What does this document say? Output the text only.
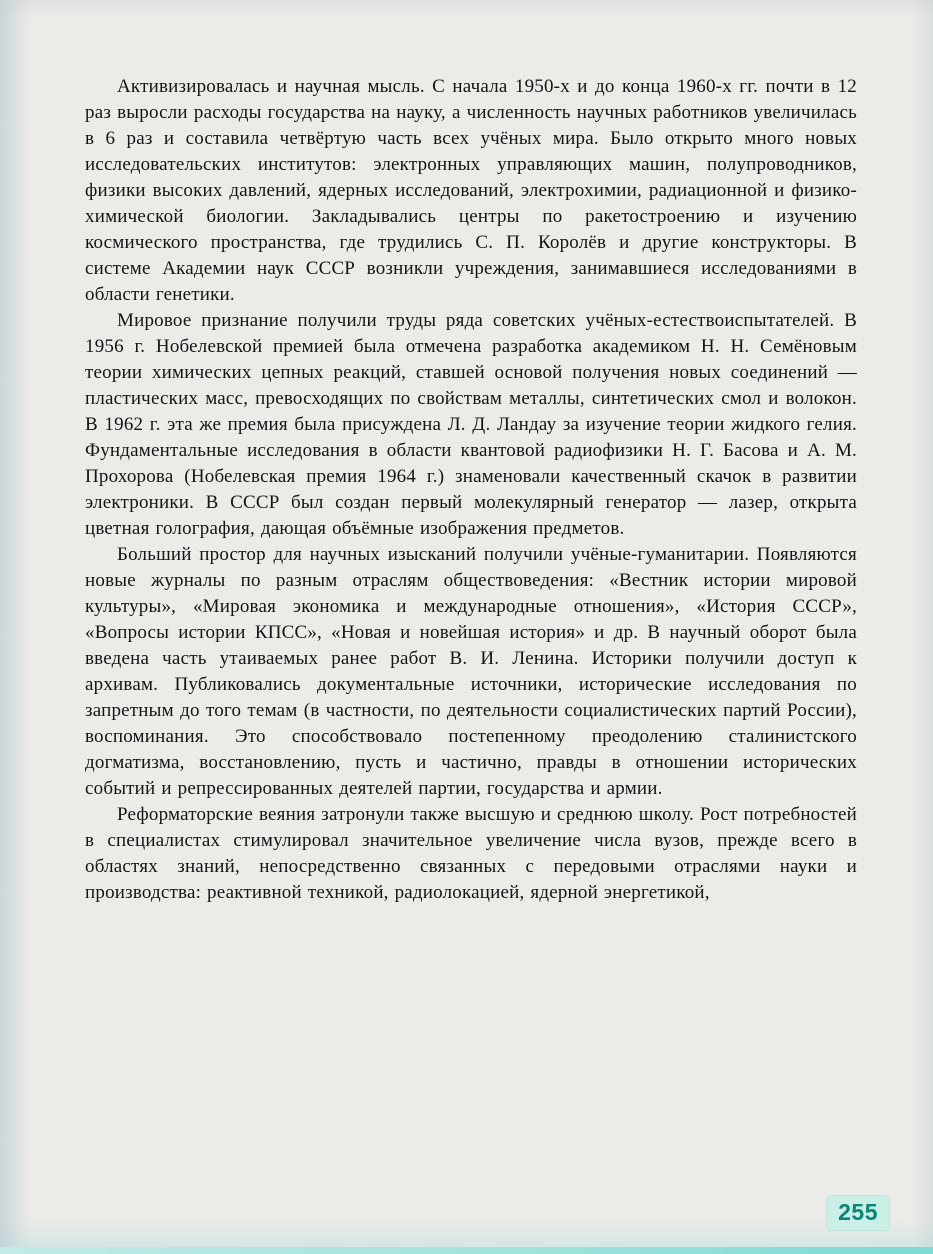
Активизировалась и научная мысль. С начала 1950-х и до конца 1960-х гг. почти в 12 раз выросли расходы государства на науку, а численность научных работников увеличилась в 6 раз и составила четвёртую часть всех учёных мира. Было открыто много новых исследовательских институтов: электронных управляющих машин, полупроводников, физики высоких давлений, ядерных исследований, электрохимии, радиационной и физико-химической биологии. Закладывались центры по ракетостроению и изучению космического пространства, где трудились С. П. Королёв и другие конструкторы. В системе Академии наук СССР возникли учреждения, занимавшиеся исследованиями в области генетики.

Мировое признание получили труды ряда советских учёных-естествоиспытателей. В 1956 г. Нобелевской премией была отмечена разработка академиком Н. Н. Семёновым теории химических цепных реакций, ставшей основой получения новых соединений — пластических масс, превосходящих по свойствам металлы, синтетических смол и волокон. В 1962 г. эта же премия была присуждена Л. Д. Ландау за изучение теории жидкого гелия. Фундаментальные исследования в области квантовой радиофизики Н. Г. Басова и А. М. Прохорова (Нобелевская премия 1964 г.) знаменовали качественный скачок в развитии электроники. В СССР был создан первый молекулярный генератор — лазер, открыта цветная голография, дающая объёмные изображения предметов.

Больший простор для научных изысканий получили учёные-гуманитарии. Появляются новые журналы по разным отраслям обществоведения: «Вестник истории мировой культуры», «Мировая экономика и международные отношения», «История СССР», «Вопросы истории КПСС», «Новая и новейшая история» и др. В научный оборот была введена часть утаиваемых ранее работ В. И. Ленина. Историки получили доступ к архивам. Публиковались документальные источники, исторические исследования по запретным до того темам (в частности, по деятельности социалистических партий России), воспоминания. Это способствовало постепенному преодолению сталинистского догматизма, восстановлению, пусть и частично, правды в отношении исторических событий и репрессированных деятелей партии, государства и армии.

Реформаторские веяния затронули также высшую и среднюю школу. Рост потребностей в специалистах стимулировал значительное увеличение числа вузов, прежде всего в областях знаний, непосредственно связанных с передовыми отраслями науки и производства: реактивной техникой, радиолокацией, ядерной энергетикой,

255
